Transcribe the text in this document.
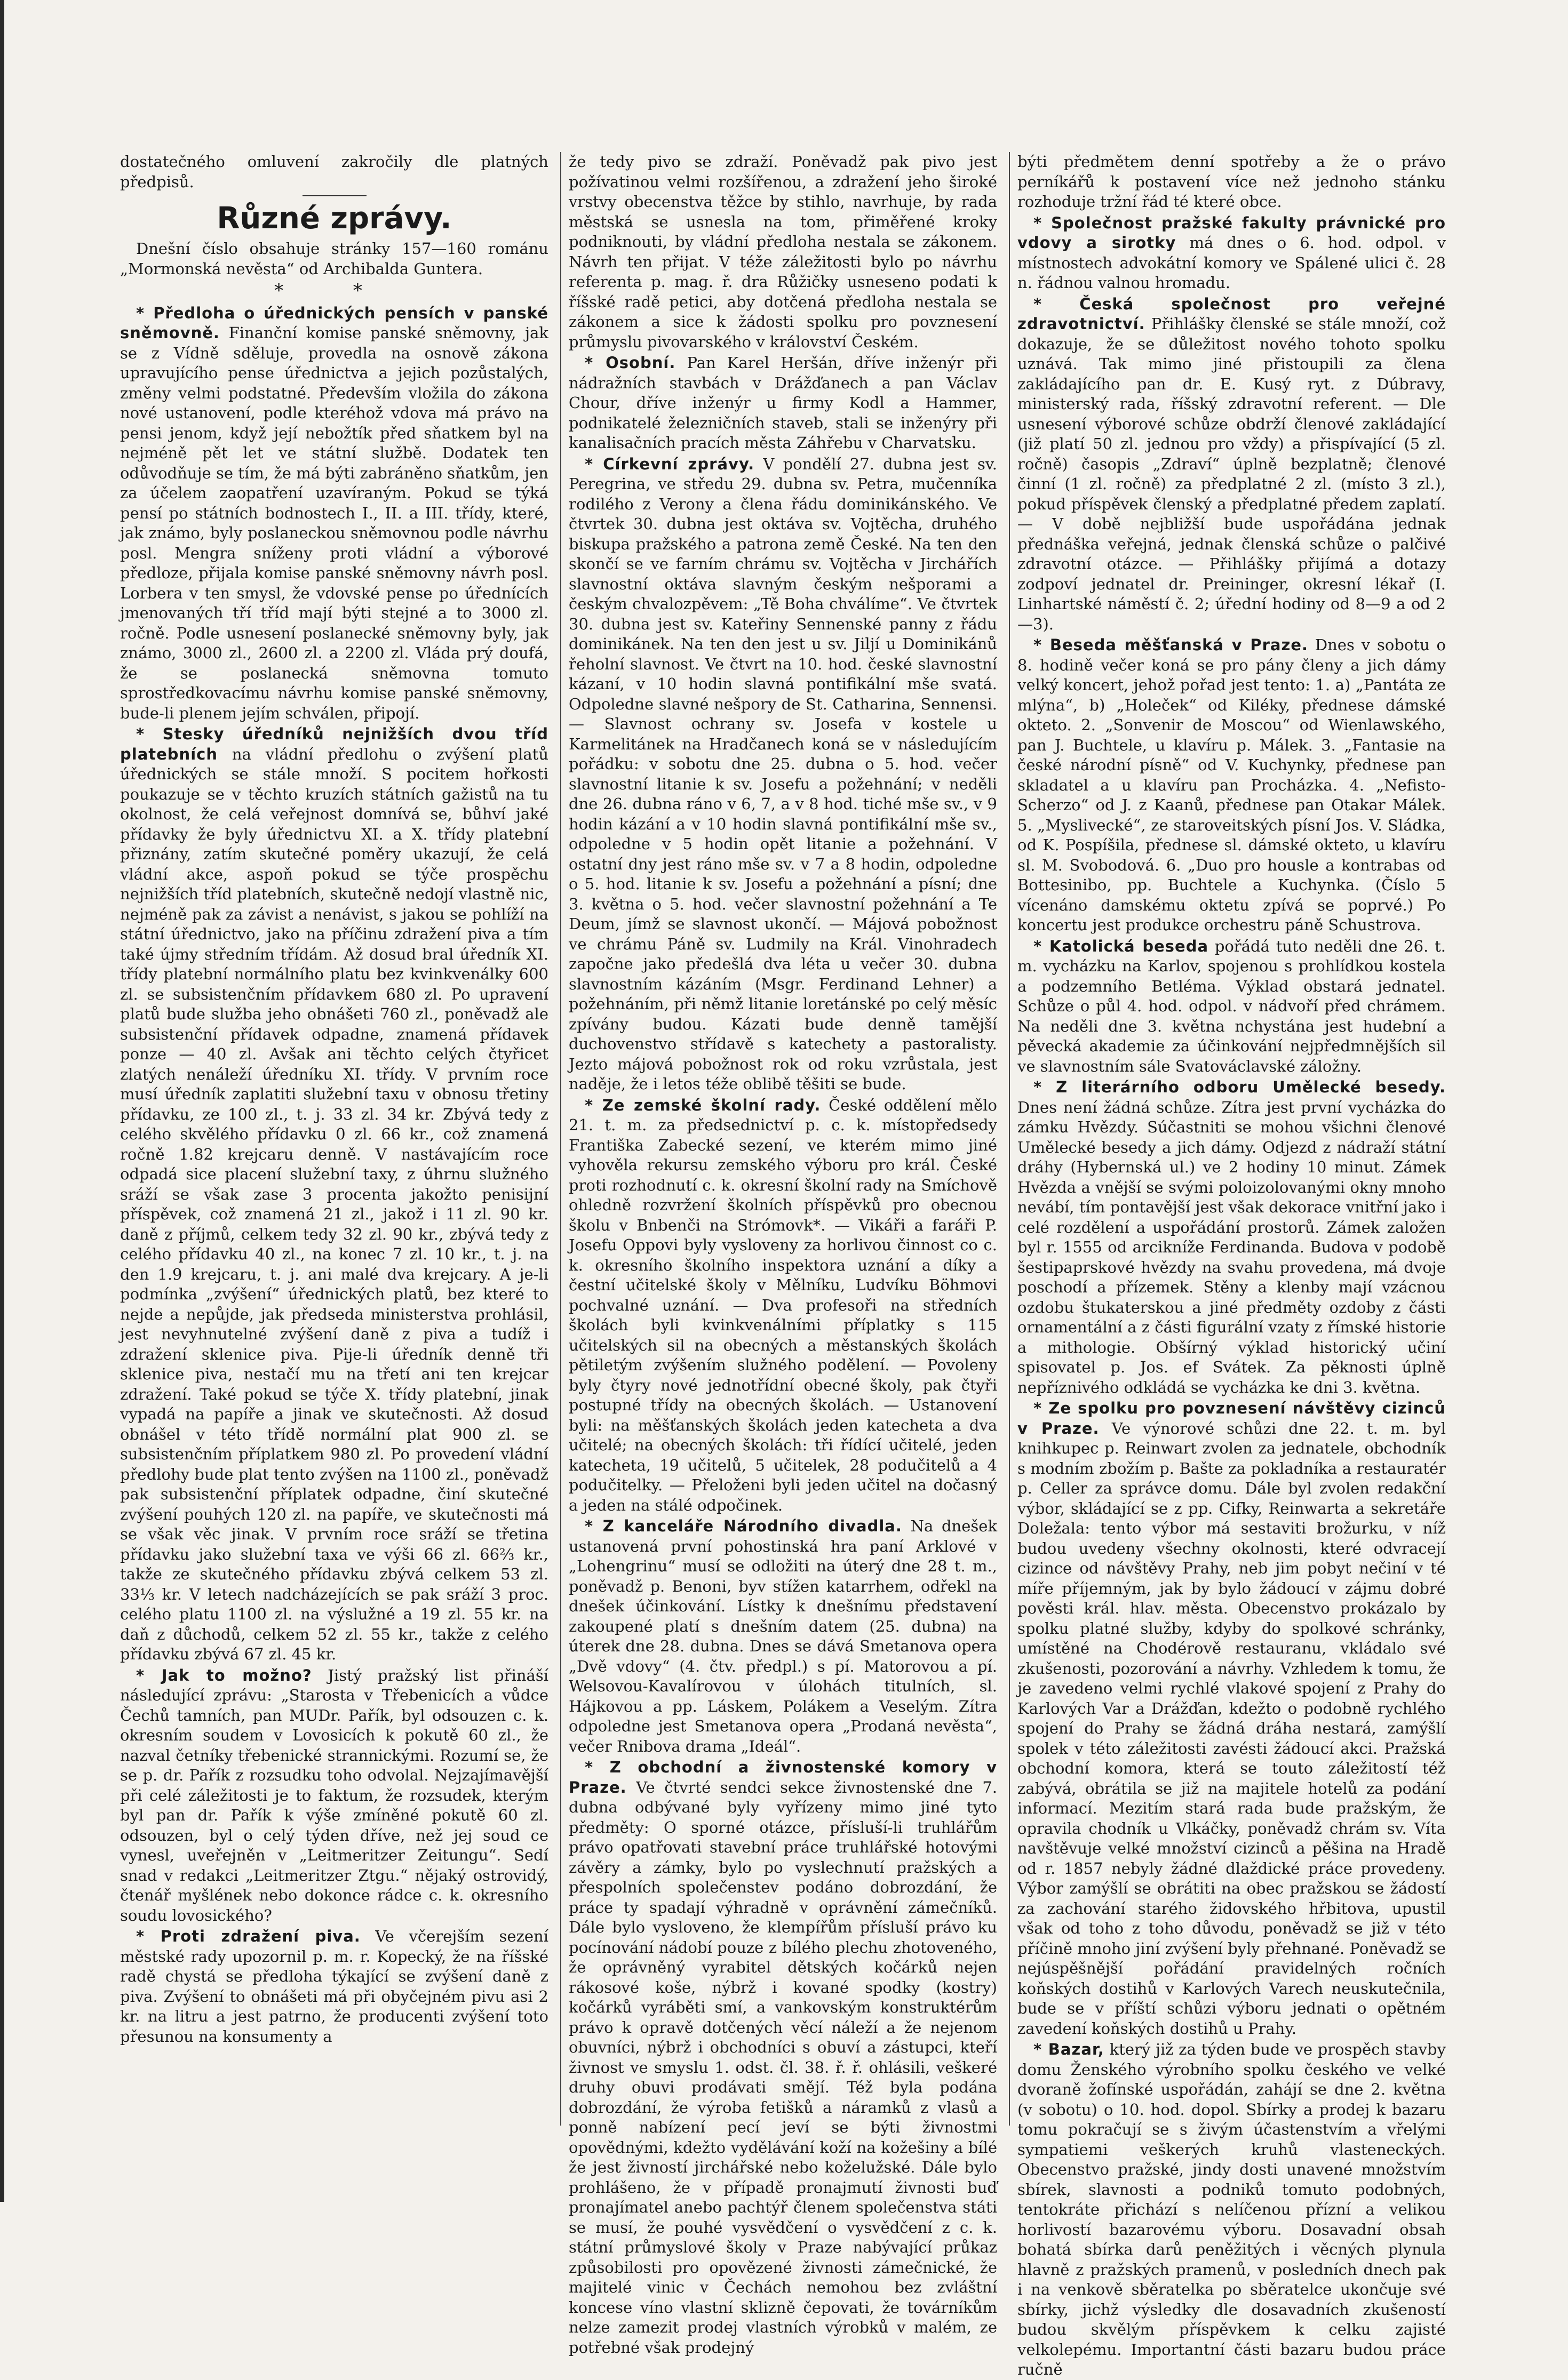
dostatečného omluvení zakročily dle platných předpisů.

Různé zprávy.

Dnešní číslo obsahuje stránky 157—160 románu „Mormonská nevěsta“ od Archibalda Guntera.

* *

* Předloha o úřednických pensích v panské sněmovně. Finanční komise panské sněmovny, jak se z Vídně sděluje, provedla na osnově zákona upravujícího pense úřednictva a jejich pozůstalých, změny velmi podstatné. Především vložila do zákona nové ustanovení, podle kteréhož vdova má právo na pensi jenom, když její nebožtík před sňatkem byl na nejméně pět let ve státní službě. Dodatek ten odůvodňuje se tím, že má býti zabráněno sňatkům, jen za účelem zaopatření uzavíraným. Pokud se týká pensí po státních bodnostech I., II. a III. třídy, které, jak známo, byly poslaneckou sněmovnou podle návrhu posl. Mengra sníženy proti vládní a výborové předloze, přijala komise panské sněmovny návrh posl. Lorbera v ten smysl, že vdovské pense po úřednících jmenovaných tří tříd mají býti stejné a to 3000 zl. ročně. Podle usnesení poslanecké sněmovny byly, jak známo, 3000 zl., 2600 zl. a 2200 zl. Vláda prý doufá, že se poslanecká sněmovna tomuto sprostředkovacímu návrhu komise panské sněmovny, bude-li plenem jejím schválen, připojí.

* Stesky úředníků nejnižších dvou tříd platebních na vládní předlohu o zvýšení platů úřednických se stále množí. S pocitem hořkosti poukazuje se v těchto kruzích státních gažistů na tu okolnost, že celá veřejnost domnívá se, bůhví jaké přídavky že byly úřednictvu XI. a X. třídy platební přiznány, zatím skutečné poměry ukazují, že celá vládní akce, aspoň pokud se týče prospěchu nejnižších tříd platebních, skutečně nedojí vlastně nic, nejméně pak za závist a nenávist, s jakou se pohlíží na státní úřednictvo, jako na příčinu zdražení piva a tím také újmy středním třídám. Až dosud bral úředník XI. třídy platební normálního platu bez kvinkvenálky 600 zl. se subsistenčním přídavkem 680 zl. Po upravení platů bude služba jeho obnášeti 760 zl., poněvadž ale subsistenční přídavek odpadne, znamená přídavek ponze — 40 zl. Avšak ani těchto celých čtyřicet zlatých nenáleží úředníku XI. třídy. V prvním roce musí úředník zaplatiti služební taxu v obnosu třetiny přídavku, ze 100 zl., t. j. 33 zl. 34 kr. Zbývá tedy z celého skvělého přídavku 0 zl. 66 kr., což znamená ročně 1.82 krejcaru denně. V nastávajícím roce odpadá sice placení služební taxy, z úhrnu služného sráží se však zase 3 procenta jakožto penisijní příspěvek, což znamená 21 zl., jakož i 11 zl. 90 kr. daně z příjmů, celkem tedy 32 zl. 90 kr., zbývá tedy z celého přídavku 40 zl., na konec 7 zl. 10 kr., t. j. na den 1.9 krejcaru, t. j. ani malé dva krejcary. A je-li podmínka „zvýšení“ úřednických platů, bez které to nejde a nepůjde, jak předseda ministerstva prohlásil, jest nevyhnutelné zvýšení daně z piva a tudíž i zdražení sklenice piva. Pije-li úředník denně tři sklenice piva, nestačí mu na třetí ani ten krejcar zdražení. Také pokud se týče X. třídy platební, jinak vypadá na papíře a jinak ve skutečnosti. Až dosud obnášel v této třídě normální plat 900 zl. se subsistenčním příplatkem 980 zl. Po provedení vládní předlohy bude plat tento zvýšen na 1100 zl., poněvadž pak subsistenční příplatek odpadne, činí skutečné zvýšení pouhých 120 zl. na papíře, ve skutečnosti má se však věc jinak. V prvním roce sráží se třetina přídavku jako služební taxa ve výši 66 zl. 66⅔ kr., takže ze skutečného přídavku zbývá celkem 53 zl. 33⅓ kr. V letech nadcházejících se pak sráží 3 proc. celého platu 1100 zl. na výslužné a 19 zl. 55 kr. na daň z důchodů, celkem 52 zl. 55 kr., takže z celého přídavku zbývá 67 zl. 45 kr.

* Jak to možno? Jistý pražský list přináší následující zprávu: „Starosta v Třebenicích a vůdce Čechů tamních, pan MUDr. Pařík, byl odsouzen c. k. okresním soudem v Lovosicích k pokutě 60 zl., že nazval četníky třebenické strannickými. Rozumí se, že se p. dr. Pařík z rozsudku toho odvolal. Nejzajímavější při celé záležitosti je to faktum, že rozsudek, kterým byl pan dr. Pařík k výše zmíněné pokutě 60 zl. odsouzen, byl o celý týden dříve, než jej soud ce vynesl, uveřejněn v „Leitmeritzer Zeitungu“. Sedí snad v redakci „Leitmeritzer Ztgu.“ nějaký ostrovidý, čtenář myšlének nebo dokonce rádce c. k. okresního soudu lovosického?

* Proti zdražení piva. Ve včerejším sezení městské rady upozornil p. m. r. Kopecký, že na říšské radě chystá se předloha týkající se zvýšení daně z piva. Zvýšení to obnášeti má při obyčejném pivu asi 2 kr. na litru a jest patrno, že producenti zvýšení toto přesunou na konsumenty a

že tedy pivo se zdraží. Poněvadž pak pivo jest požívatinou velmi rozšířenou, a zdražení jeho široké vrstvy obecenstva těžce by stihlo, navrhuje, by rada městská se usnesla na tom, přiměřené kroky podniknouti, by vládní předloha nestala se zákonem. Návrh ten přijat. V téže záležitosti bylo po návrhu referenta p. mag. ř. dra Růžičky usneseno podati k říšské radě petici, aby dotčená předloha nestala se zákonem a sice k žádosti spolku pro povznesení průmyslu pivovarského v království Českém.

* Osobní. Pan Karel Heršán, dříve inženýr při nádražních stavbách v Drážďanech a pan Václav Chour, dříve inženýr u firmy Kodl a Hammer, podnikatelé železničních staveb, stali se inženýry při kanalisačních pracích města Záhřebu v Charvatsku.

* Církevní zprávy. V pondělí 27. dubna jest sv. Peregrina, ve středu 29. dubna sv. Petra, mučenníka rodilého z Verony a člena řádu dominikánského. Ve čtvrtek 30. dubna jest oktáva sv. Vojtěcha, druhého biskupa pražského a patrona země České. Na ten den skončí se ve farním chrámu sv. Vojtěcha v Jirchářích slavnostní oktáva slavným českým nešporami a českým chvalozpěvem: „Tě Boha chválíme“. Ve čtvrtek 30. dubna jest sv. Kateřiny Sennenské panny z řádu dominikánek. Na ten den jest u sv. Jiljí u Dominikánů řeholní slavnost. Ve čtvrt na 10. hod. české slavnostní kázaní, v 10 hodin slavná pontifikální mše svatá. Odpoledne slavné nešpory de St. Catharina, Sennensi. — Slavnost ochrany sv. Josefa v kostele u Karmelitánek na Hradčanech koná se v následujícím pořádku: v sobotu dne 25. dubna o 5. hod. večer slavnostní litanie k sv. Josefu a požehnání; v neděli dne 26. dubna ráno v 6, 7, a v 8 hod. tiché mše sv., v 9 hodin kázání a v 10 hodin slavná pontifikální mše sv., odpoledne v 5 hodin opět litanie a požehnání. V ostatní dny jest ráno mše sv. v 7 a 8 hodin, odpoledne o 5. hod. litanie k sv. Josefu a požehnání a písní; dne 3. května o 5. hod. večer slavnostní požehnání a Te Deum, jímž se slavnost ukončí. — Májová pobožnost ve chrámu Páně sv. Ludmily na Král. Vinohradech započne jako předešlá dva léta u večer 30. dubna slavnostním kázáním (Msgr. Ferdinand Lehner) a požehnáním, při němž litanie loretánské po celý měsíc zpívány budou. Kázati bude denně tamější duchovenstvo střídavě s katechety a pastoralisty. Jezto májová pobožnost rok od roku vzrůstala, jest naděje, že i letos téže oblibě těšiti se bude.

* Ze zemské školní rady. České oddělení mělo 21. t. m. za předsednictví p. c. k. místopředsedy Františka Zabecké sezení, ve kterém mimo jiné vyhověla rekursu zemského výboru pro král. České proti rozhodnutí c. k. okresní školní rady na Smíchově ohledně rozvržení školních příspěvků pro obecnou školu v Bnbenči na Strómovk*. — Vikáři a faráři P. Josefu Oppovi byly vysloveny za horlivou činnost co c. k. okresního školního inspektora uznání a díky a čestní učitelské školy v Mělníku, Ludvíku Böhmovi pochvalné uznání. — Dva profesoři na středních školách byli kvinkvenálními příplatky s 115 učitelských sil na obecných a městanských školách pětiletým zvýšením služného podělení. — Povoleny byly čtyry nové jednotřídní obecné školy, pak čtyři postupné třídy na obecných školách. — Ustanovení byli: na měšťanských školách jeden katecheta a dva učitelé; na obecných školách: tři řídící učitelé, jeden katecheta, 19 učitelů, 5 učitelek, 28 podučitelů a 4 podučitelky. — Přeloženi byli jeden učitel na dočasný a jeden na stálé odpočinek.

* Z kanceláře Národního divadla. Na dnešek ustanovená první pohostinská hra paní Arklové v „Lohengrinu“ musí se odložiti na úterý dne 28 t. m., poněvadž p. Benoni, byv stížen katarrhem, odřekl na dnešek účinkování. Lístky k dnešnímu představení zakoupené platí s dnešním datem (25. dubna) na úterek dne 28. dubna. Dnes se dává Smetanova opera „Dvě vdovy“ (4. čtv. předpl.) s pí. Matorovou a pí. Welsovou-Kavalírovou v úlohách titulních, sl. Hájkovou a pp. Láskem, Polákem a Veselým. Zítra odpoledne jest Smetanova opera „Prodaná nevěsta“, večer Rnibova drama „Ideál“.

* Z obchodní a živnostenské komory v Praze. Ve čtvrté sendci sekce živnostenské dne 7. dubna odbývané byly vyřízeny mimo jiné tyto předměty: O sporné otázce, přísluší-li truhlářům právo opatřovati stavební práce truhlářské hotovými závěry a zámky, bylo po vyslechnutí pražských a přespolních společenstev podáno dobrozdání, že práce ty spadají výhradně v oprávnění zámečníků. Dále bylo vysloveno, že klempířům přísluší právo ku pocínování nádobí pouze z bílého plechu zhotoveného, že oprávněný vyrabitel dětských kočárků nejen rákosové koše, nýbrž i kované spodky (kostry) kočárků vyráběti smí, a vankovským konstruktérům právo k opravě dotčených věcí náleží a že nejenom obuvníci, nýbrž i obchodníci s obuví a zástupci, kteří živnost ve smyslu 1. odst. čl. 38. ř. ř. ohlásili, veškeré druhy obuvi prodávati smějí. Též byla podána dobrozdání, že výroba fetišků a náramků z vlasů a ponně nabízení pecí jeví se býti živnostmi opovědnými, kdežto vydělávání koží na kožešiny a bílé že jest živností jirchářské nebo koželužské. Dále bylo prohlášeno, že v případě pronajmutí živnosti buď pronajímatel anebo pachtýř členem společenstva státi se musí, že pouhé vysvědčení o vysvědčení z c. k. státní průmyslové školy v Praze nabývající průkaz způsobilosti pro opovězené živnosti zámečnické, že majitelé vinic v Čechách nemohou bez zvláštní koncese víno vlastní sklizně čepovati, že továrníkům nelze zamezit prodej vlastních výrobků v malém, ze potřebné však prodejný

býti předmětem denní spotřeby a že o právo perníkářů k postavení více než jednoho stánku rozhoduje tržní řád té které obce.

* Společnost pražské fakulty právnické pro vdovy a sirotky má dnes o 6. hod. odpol. v místnostech advokátní komory ve Spálené ulici č. 28 n. řádnou valnou hromadu.

* Česká společnost pro veřejné zdravotnictví. Přihlášky členské se stále množí, což dokazuje, že se důležitost nového tohoto spolku uznává. Tak mimo jiné přistoupili za člena zakládajícího pan dr. E. Kusý ryt. z Dúbravy, ministerský rada, říšský zdravotní referent. — Dle usnesení výborové schůze obdrží členové zakládající (již platí 50 zl. jednou pro vždy) a přispívající (5 zl. ročně) časopis „Zdraví“ úplně bezplatně; členové činní (1 zl. ročně) za předplatné 2 zl. (místo 3 zl.), pokud příspěvek členský a předplatné předem zaplatí. — V době nejbližší bude uspořádána jednak přednáška veřejná, jednak členská schůze o palčivé zdravotní otázce. — Přihlášky přijímá a dotazy zodpoví jednatel dr. Preininger, okresní lékař (I. Linhartské náměstí č. 2; úřední hodiny od 8—9 a od 2—3).

* Beseda měšťanská v Praze. Dnes v sobotu o 8. hodině večer koná se pro pány členy a jich dámy velký koncert, jehož pořad jest tento: 1. a) „Pantáta ze mlýna“, b) „Holeček“ od Kiléky, přednese dámské okteto. 2. „Sonvenir de Moscou“ od Wienlawského, pan J. Buchtele, u klavíru p. Málek. 3. „Fantasie na české národní písně“ od V. Kuchynky, přednese pan skladatel a u klavíru pan Procházka. 4. „Nefisto-Scherzo“ od J. z Kaanů, přednese pan Otakar Málek. 5. „Myslivecké“, ze staroveitských písní Jos. V. Sládka, od K. Pospíšila, přednese sl. dámské okteto, u klavíru sl. M. Svobodová. 6. „Duo pro housle a kontrabas od Bottesinibo, pp. Buchtele a Kuchynka. (Číslo 5 vícenáno damskému oktetu zpívá se poprvé.) Po koncertu jest produkce orchestru páně Schustrova.

* Katolická beseda pořádá tuto neděli dne 26. t. m. vycházku na Karlov, spojenou s prohlídkou kostela a podzemního Betléma. Výklad obstará jednatel. Schůze o půl 4. hod. odpol. v nádvoří před chrámem. Na neděli dne 3. května nchystána jest hudební a pěvecká akademie za účinkování nejpředmnějších sil ve slavnostním sále Svatováclavské záložny.

* Z literárního odboru Umělecké besedy. Dnes není žádná schůze. Zítra jest první vycházka do zámku Hvězdy. Súčastniti se mohou všichni členové Umělecké besedy a jich dámy. Odjezd z nádraží státní dráhy (Hybernská ul.) ve 2 hodiny 10 minut. Zámek Hvězda a vnější se svými poloizolovanými okny mnoho nevábí, tím pontavější jest však dekorace vnitřní jako i celé rozdělení a uspořádání prostorů. Zámek založen byl r. 1555 od arcikníže Ferdinanda. Budova v podobě šestipaprskové hvězdy na svahu provedena, má dvoje poschodí a přízemek. Stěny a klenby mají vzácnou ozdobu štukaterskou a jiné předměty ozdoby z části ornamentální a z části figurální vzaty z římské historie a mithologie. Obšírný výklad historický učiní spisovatel p. Jos. ef Svátek. Za pěknosti úplně nepříznivého odkládá se vycházka ke dni 3. května.

* Ze spolku pro povznesení návštěvy cizinců v Praze. Ve výnorové schůzi dne 22. t. m. byl knihkupec p. Reinwart zvolen za jednatele, obchodník s modním zbožím p. Bašte za pokladníka a restauratér p. Celler za správce domu. Dále byl zvolen redakční výbor, skládající se z pp. Cifky, Reinwarta a sekretáře Doležala: tento výbor má sestaviti brožurku, v níž budou uvedeny všechny okolnosti, které odvracejí cizince od návštěvy Prahy, neb jim pobyt nečiní v té míře příjemným, jak by bylo žádoucí v zájmu dobré pověsti král. hlav. města. Obecenstvo prokázalo by spolku platné služby, kdyby do spolkové schránky, umístěné na Chodérově restauranu, vkládalo své zkušenosti, pozorování a návrhy. Vzhledem k tomu, že je zavedeno velmi rychlé vlakové spojení z Prahy do Karlových Var a Drážďan, kdežto o podobně rychlého spojení do Prahy se žádná dráha nestará, zamýšlí spolek v této záležitosti zavésti žádoucí akci. Pražská obchodní komora, která se touto záležitostí též zabývá, obrátila se již na majitele hotelů za podání informací. Mezitím stará rada bude pražským, že opravila chodník u Vlkáčky, poněvadž chrám sv. Víta navštěvuje velké množství cizinců a pěšina na Hradě od r. 1857 nebyly žádné dlaždické práce provedeny. Výbor zamýšlí se obrátiti na obec pražskou se žádostí za zachování starého židovského hřbitova, upustil však od toho z toho důvodu, poněvadž se již v této příčině mnoho jiní zvýšení byly přehnané. Poněvadž se nejúspěšnější pořádání pravidelných ročních koňských dostihů v Karlových Varech neuskutečnila, bude se v příští schůzi výboru jednati o opětném zavedení koňských dostihů u Prahy.

* Bazar, který již za týden bude ve prospěch stavby domu Ženského výrobního spolku českého ve velké dvoraně žofínské uspořádán, zahájí se dne 2. května (v sobotu) o 10. hod. dopol. Sbírky a prodej k bazaru tomu pokračují se s živým účastenstvím a vřelými sympatiemi veškerých kruhů vlasteneckých. Obecenstvo pražské, jindy dosti unavené množstvím sbírek, slavnosti a podniků tomuto podobných, tentokráte přichází s nelíčenou přízní a velikou horlivostí bazarovému výboru. Dosavadní obsah bohatá sbírka darů peněžitých i věcných plynula hlavně z pražských pramenů, v posledních dnech pak i na venkově sběratelka po sběratelce ukončuje své sbírky, jichž výsledky dle dosavadních zkušeností budou skvělým příspěvkem k celku zajisté velkolepému. Importantní části bazaru budou práce ručně
